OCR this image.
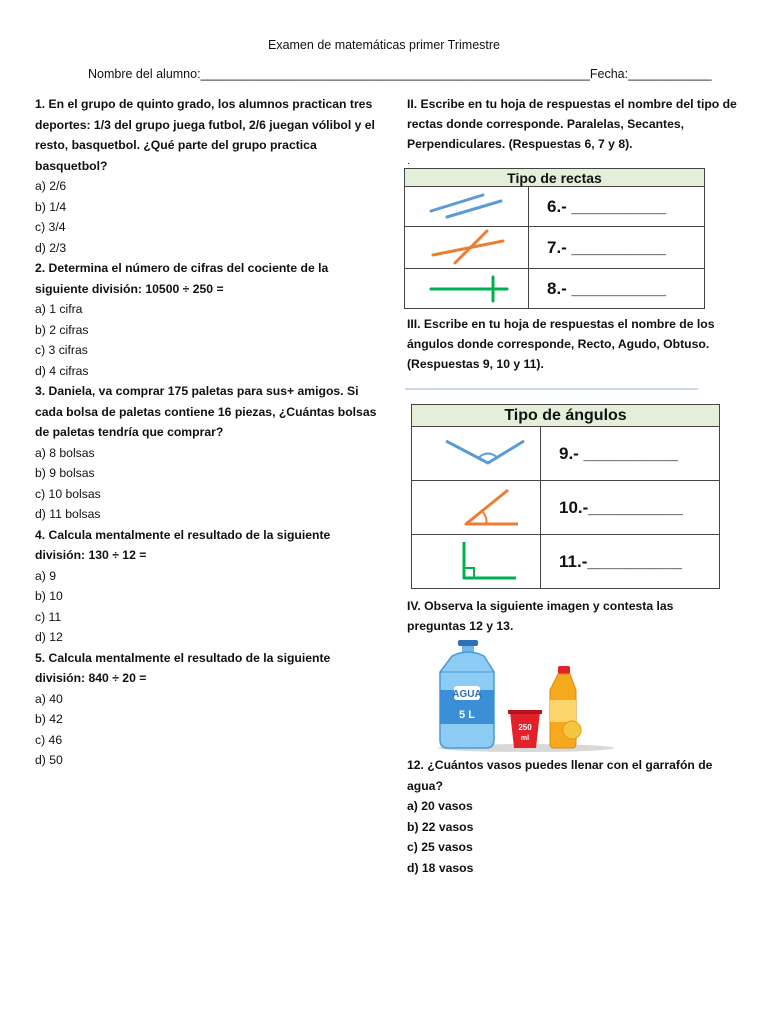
Examen de matemáticas primer Trimestre
Nombre del alumno:________________________________________________________Fecha:____________
1. En el grupo de quinto grado, los alumnos practican tres deportes: 1/3 del grupo juega futbol, 2/6 juegan vólibol y el resto, basquetbol. ¿Qué parte del grupo practica basquetbol?
a) 2/6
b) 1/4
c) 3/4
d) 2/3
2. Determina el número de cifras del cociente de la siguiente división: 10500 ÷ 250 =
a) 1 cifra
b) 2 cifras
c) 3 cifras
d) 4 cifras
3. Daniela, va comprar 175 paletas para sus+ amigos. Si cada bolsa de paletas contiene 16 piezas, ¿Cuántas bolsas de paletas tendría que comprar?
a) 8 bolsas
b) 9 bolsas
c) 10 bolsas
d) 11 bolsas
4. Calcula mentalmente el resultado de la siguiente división: 130 ÷ 12 =
a) 9
b) 10
c) 11
d) 12
5. Calcula mentalmente el resultado de la siguiente división: 840 ÷ 20 =
a) 40
b) 42
c) 46
d) 50
II. Escribe en tu hoja de respuestas el nombre del tipo de rectas donde corresponde. Paralelas, Secantes, Perpendiculares. (Respuestas 6, 7 y 8).
.
Tipo de rectas	
	6.- __________
	7.- __________
	8.- __________
III. Escribe en tu hoja de respuestas el nombre de los ángulos donde corresponde, Recto, Agudo, Obtuso. (Respuestas 9, 10 y 11).
Tipo de ángulos	
	9.- __________
	10.-__________
	11.-__________
IV. Observa la siguiente imagen y contesta las preguntas 12 y 13.
AGUA
5 L
250
ml
12. ¿Cuántos vasos puedes llenar con el garrafón de agua?
a) 20 vasos
b) 22 vasos
c) 25 vasos
d) 18 vasos
